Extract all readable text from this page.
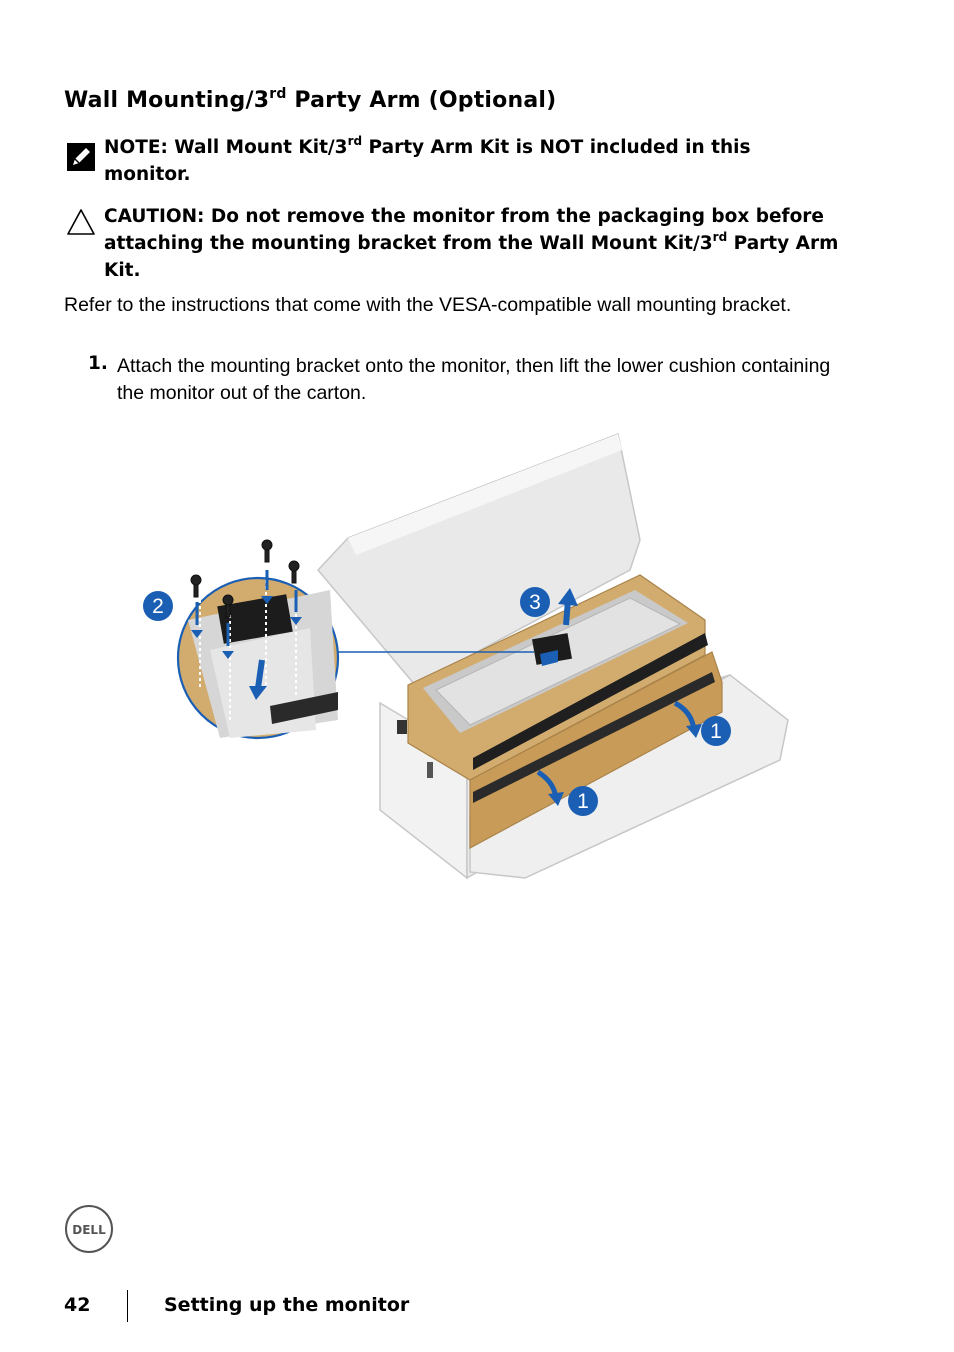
Wall Mounting/3rd Party Arm (Optional)
NOTE: Wall Mount Kit/3rd Party Arm Kit is NOT included in this monitor.
CAUTION: Do not remove the monitor from the packaging box before attaching the mounting bracket from the Wall Mount Kit/3rd Party Arm Kit.
Refer to the instructions that come with the VESA-compatible wall mounting bracket.
1. Attach the mounting bracket onto the monitor, then lift the lower cushion containing the monitor out of the carton.
2	3
1
1
DELL
42	Setting up the monitor
